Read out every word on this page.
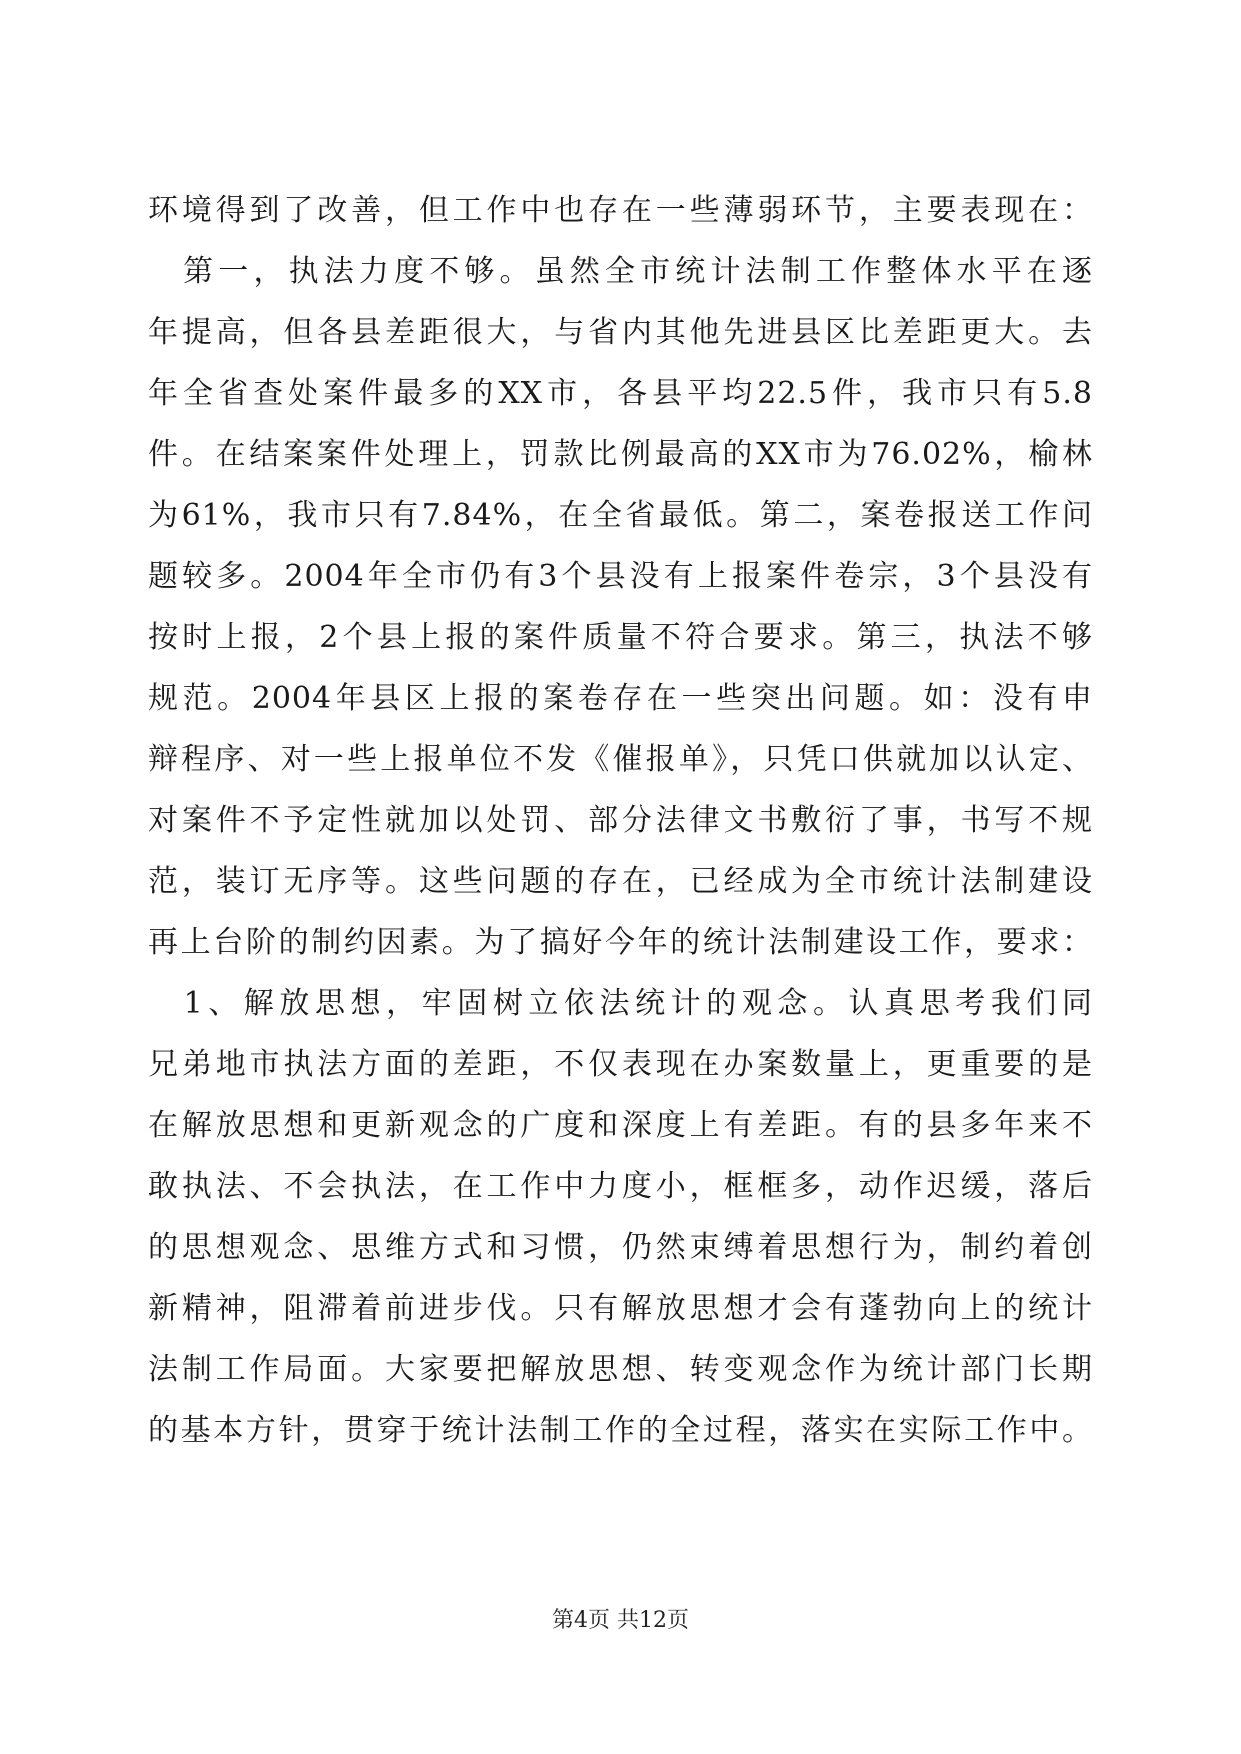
环境得到了改善，但工作中也存在一些薄弱环节，主要表现在：
　第一，执法力度不够。虽然全市统计法制工作整体水平在逐
年提高，但各县差距很大，与省内其他先进县区比差距更大。去
年全省查处案件最多的XX市，各县平均22.5件，我市只有5.8
件。在结案案件处理上，罚款比例最高的XX市为76.02%，榆林
为61%，我市只有7.84%，在全省最低。第二，案卷报送工作问
题较多。2004年全市仍有3个县没有上报案件卷宗，3个县没有
按时上报，2个县上报的案件质量不符合要求。第三，执法不够
规范。2004年县区上报的案卷存在一些突出问题。如：没有申
辩程序、对一些上报单位不发《催报单》，只凭口供就加以认定、
对案件不予定性就加以处罚、部分法律文书敷衍了事，书写不规
范，装订无序等。这些问题的存在，已经成为全市统计法制建设
再上台阶的制约因素。为了搞好今年的统计法制建设工作，要求：
　1、解放思想，牢固树立依法统计的观念。认真思考我们同
兄弟地市执法方面的差距，不仅表现在办案数量上，更重要的是
在解放思想和更新观念的广度和深度上有差距。有的县多年来不
敢执法、不会执法，在工作中力度小，框框多，动作迟缓，落后
的思想观念、思维方式和习惯，仍然束缚着思想行为，制约着创
新精神，阻滞着前进步伐。只有解放思想才会有蓬勃向上的统计
法制工作局面。大家要把解放思想、转变观念作为统计部门长期
的基本方针，贯穿于统计法制工作的全过程，落实在实际工作中。
第4页 共12页
